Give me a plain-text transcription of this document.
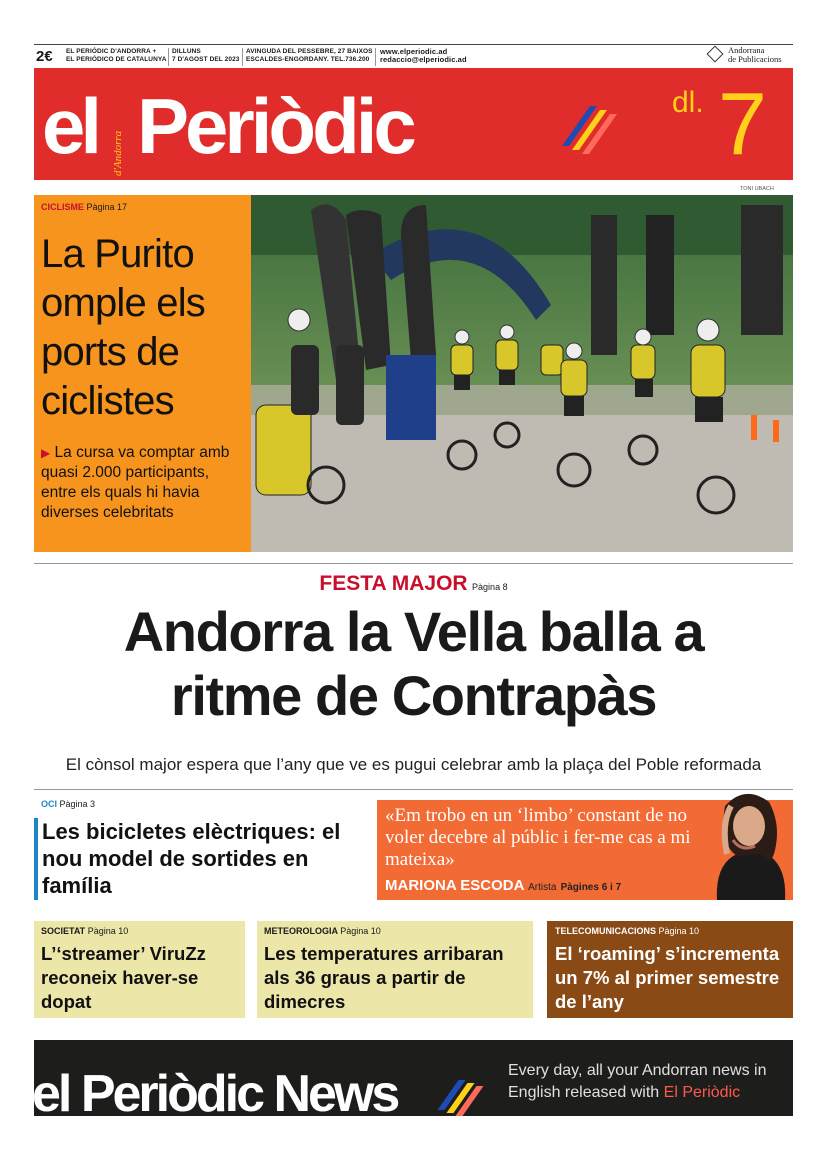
2€ EL PERIÓDIC D'ANDORRA +
EL PERIÓDICO DE CATALUNYA
DILLUNS
7 D'AGOST DEL 2023
AVINGUDA DEL PESSEBRE, 27 BAIXOS
ESCALDES-ENGORDANY. TEL.736.200
www.elperiodic.ad
redaccio@elperiodic.ad
Andorrana
de Publicacions
el d'Andorra Periòdic	dl. 7
TONI UBACH
CICLISME Pàgina 17
La Purito omple els ports de ciclistes
▶ La cursa va comptar amb quasi 2.000 participants, entre els quals hi havia diverses celebritats
FESTA MAJOR Pàgina 8
Andorra la Vella balla a ritme de Contrapàs
El cònsol major espera que l’any que ve es pugui celebrar amb la plaça del Poble reformada
OCI Pàgina 3
Les bicicletes elèctriques: el nou model de sortides en família
«Em trobo en un ‘limbo’ constant de no voler decebre al públic i fer-me cas a mi mateixa»
MARIONA ESCODA Artista Pàgines 6 i 7
SOCIETAT Pàgina 10
L’‘streamer’ ViruZz reconeix haver-se dopat
METEOROLOGIA Pàgina 10
Les temperatures arribaran als 36 graus a partir de dimecres
TELECOMUNICACIONS Pàgina 10
El ‘roaming’ s’incrementa un 7% al primer semestre de l’any
el Periòdic News	Every day, all your Andorran news in English released with El Periòdic
